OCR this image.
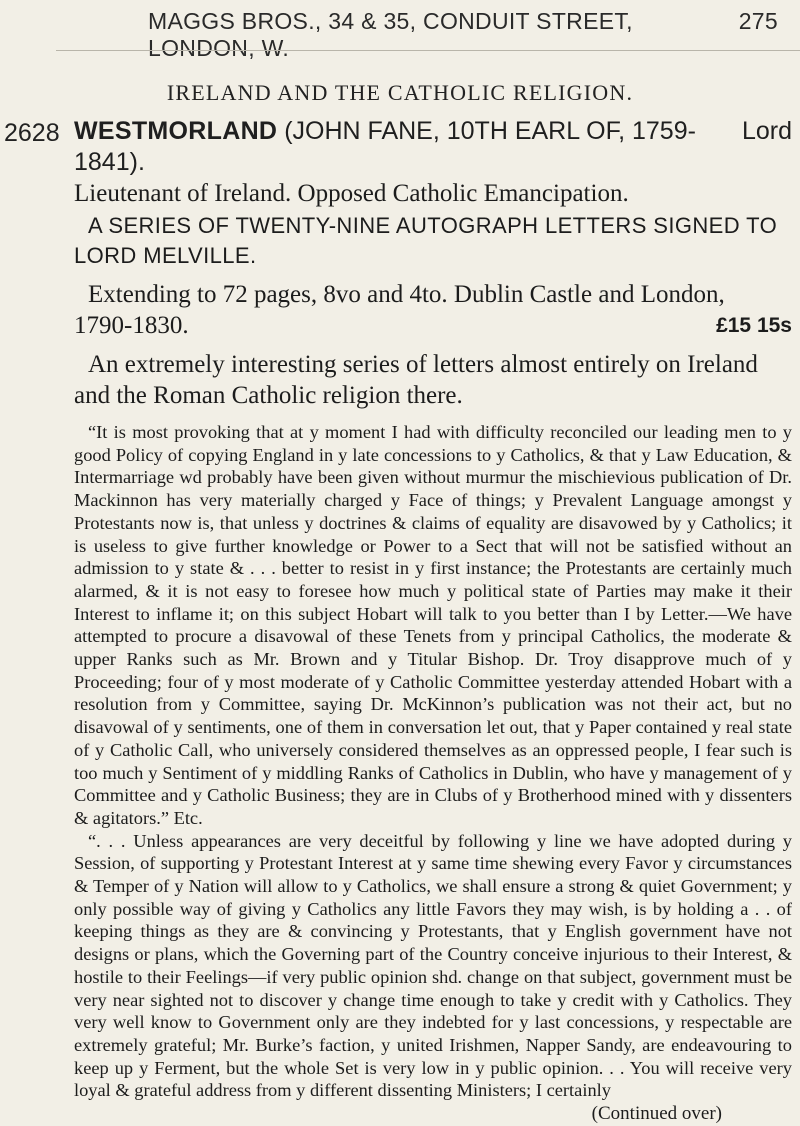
MAGGS BROS., 34 & 35, CONDUIT STREET, LONDON, W.
275
IRELAND AND THE CATHOLIC RELIGION.
2628	Lord
WESTMORLAND (JOHN FANE, 10TH EARL OF, 1759-1841).

Lieutenant of Ireland. Opposed Catholic Emancipation.

A SERIES OF TWENTY-NINE AUTOGRAPH LETTERS SIGNED TO LORD MELVILLE.

Extending to 72 pages, 8vo and 4to. Dublin Castle and London,

£15 15s
1790-1830.

An extremely interesting series of letters almost entirely on Ireland and the Roman Catholic religion there.

“It is most provoking that at y moment I had with difficulty reconciled our leading men to y good Policy of copying England in y late concessions to y Catholics, & that y Law Education, & Intermarriage wd probably have been given without murmur the mischievious publication of Dr. Mackinnon has very materially charged y Face of things; y Prevalent Language amongst y Protestants now is, that unless y doctrines & claims of equality are disavowed by y Catholics; it is useless to give further knowledge or Power to a Sect that will not be satisfied without an admission to y state & . . . better to resist in y first instance; the Protestants are certainly much alarmed, & it is not easy to foresee how much y political state of Parties may make it their Interest to inflame it; on this subject Hobart will talk to you better than I by Letter.—We have attempted to procure a disavowal of these Tenets from y principal Catholics, the moderate & upper Ranks such as Mr. Brown and y Titular Bishop. Dr. Troy disapprove much of y Proceeding; four of y most moderate of y Catholic Committee yesterday attended Hobart with a resolution from y Committee, saying Dr. McKinnon’s publication was not their act, but no disavowal of y sentiments, one of them in conversation let out, that y Paper contained y real state of y Catholic Call, who universely considered themselves as an oppressed people, I fear such is too much y Sentiment of y middling Ranks of Catholics in Dublin, who have y management of y Committee and y Catholic Business; they are in Clubs of y Brotherhood mined with y dissenters & agitators.” Etc.

“. . . Unless appearances are very deceitful by following y line we have adopted during y Session, of supporting y Protestant Interest at y same time shewing every Favor y circumstances & Temper of y Nation will allow to y Catholics, we shall ensure a strong & quiet Government; y only possible way of giving y Catholics any little Favors they may wish, is by holding a . . of keeping things as they are & convincing y Protestants, that y English government have not designs or plans, which the Governing part of the Country conceive injurious to their Interest, & hostile to their Feelings—if very public opinion shd. change on that subject, government must be very near sighted not to discover y change time enough to take y credit with y Catholics. They very well know to Government only are they indebted for y last concessions, y respectable are extremely grateful; Mr. Burke’s faction, y united Irishmen, Napper Sandy, are endeavouring to keep up y Ferment, but the whole Set is very low in y public opinion. . . You will receive very loyal & grateful address from y different dissenting Ministers; I certainly

(Continued over)
